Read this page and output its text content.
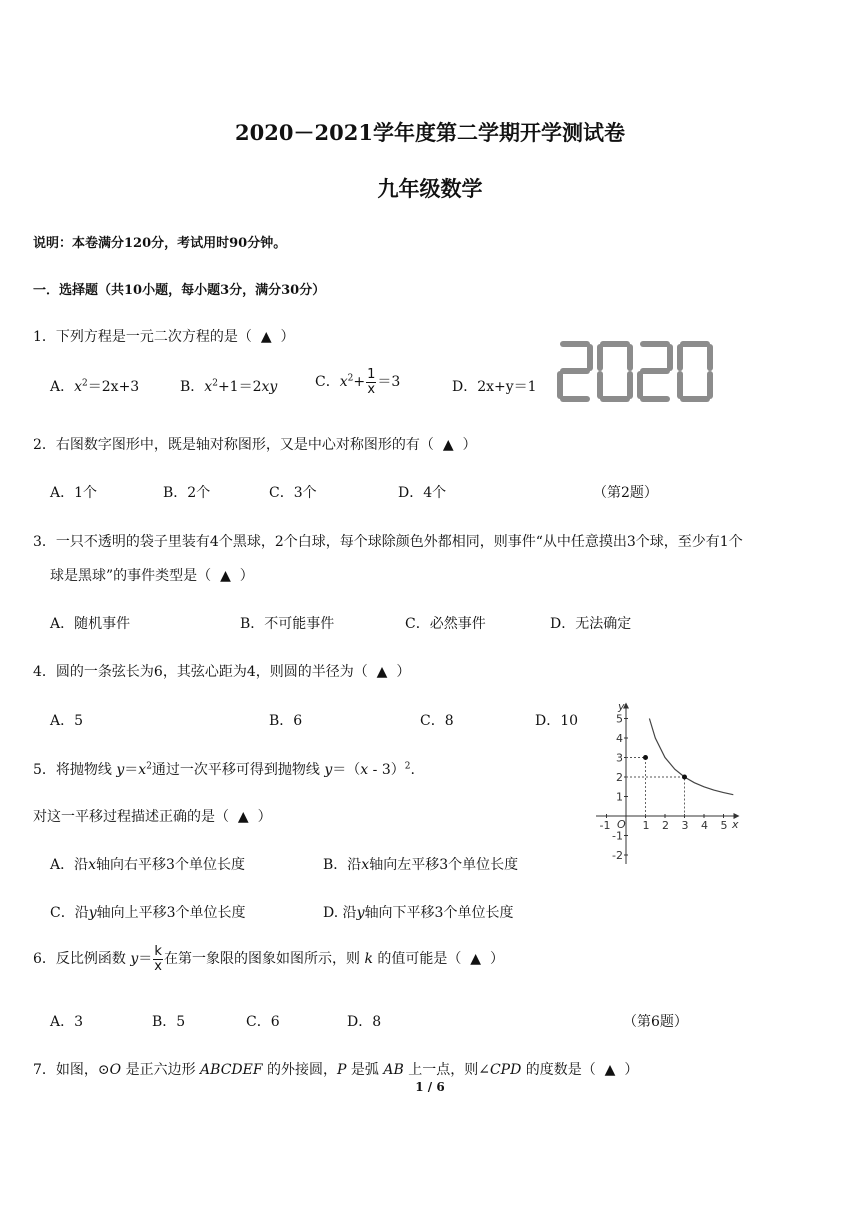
2020－2021学年度第二学期开学测试卷
九年级数学
说明：本卷满分120分，考试用时90分钟。
一．选择题（共10小题，每小题3分，满分30分）
1．下列方程是一元二次方程的是（ ▲ ）
A．$x^2=2x+3$	B．$x^2+1=2xy$	C．$x^2+ \frac{1}{x} =3$	D．2x+y＝1
2．右图数字图形中，既是轴对称图形，又是中心对称图形的有（ ▲ ）
A．1个	B．2个	C．3个	D．4个	（第2题）
3．一只不透明的袋子里装有4个黑球，2个白球，每个球除颜色外都相同，则事件“从中任意摸出3个球，至少有1个
球是黑球”的事件类型是（ ▲ ）
A．随机事件	B．不可能事件	C．必然事件	D．无法确定
4．圆的一条弦长为6，其弦心距为4，则圆的半径为（ ▲ ）
A．5	B．6	C．8	D．10
-1	1 2 3 4 5
5
4
3
2
1
-1
-2
y
x
O
5．将抛物线 $y=x^2$通过一次平移可得到抛物线 y＝（x - 3）$^2$.
对这一平移过程描述正确的是（ ▲ ）
A．沿x轴向右平移3个单位长度	B．沿x轴向左平移3个单位长度
C．沿y轴向上平移3个单位长度	D. 沿y轴向下平移3个单位长度
6．反比例函数 $y= \frac{k}{x}$ 在第一象限的图象如图所示，则 k 的值可能是（ ▲ ）
A．3	B．5	C．6	D．8	（第6题）
7．如图，⊙O 是正六边形 ABCDEF 的外接圆，P 是弧 AB 上一点，则∠CPD 的度数是（ ▲ ）
1 / 6
